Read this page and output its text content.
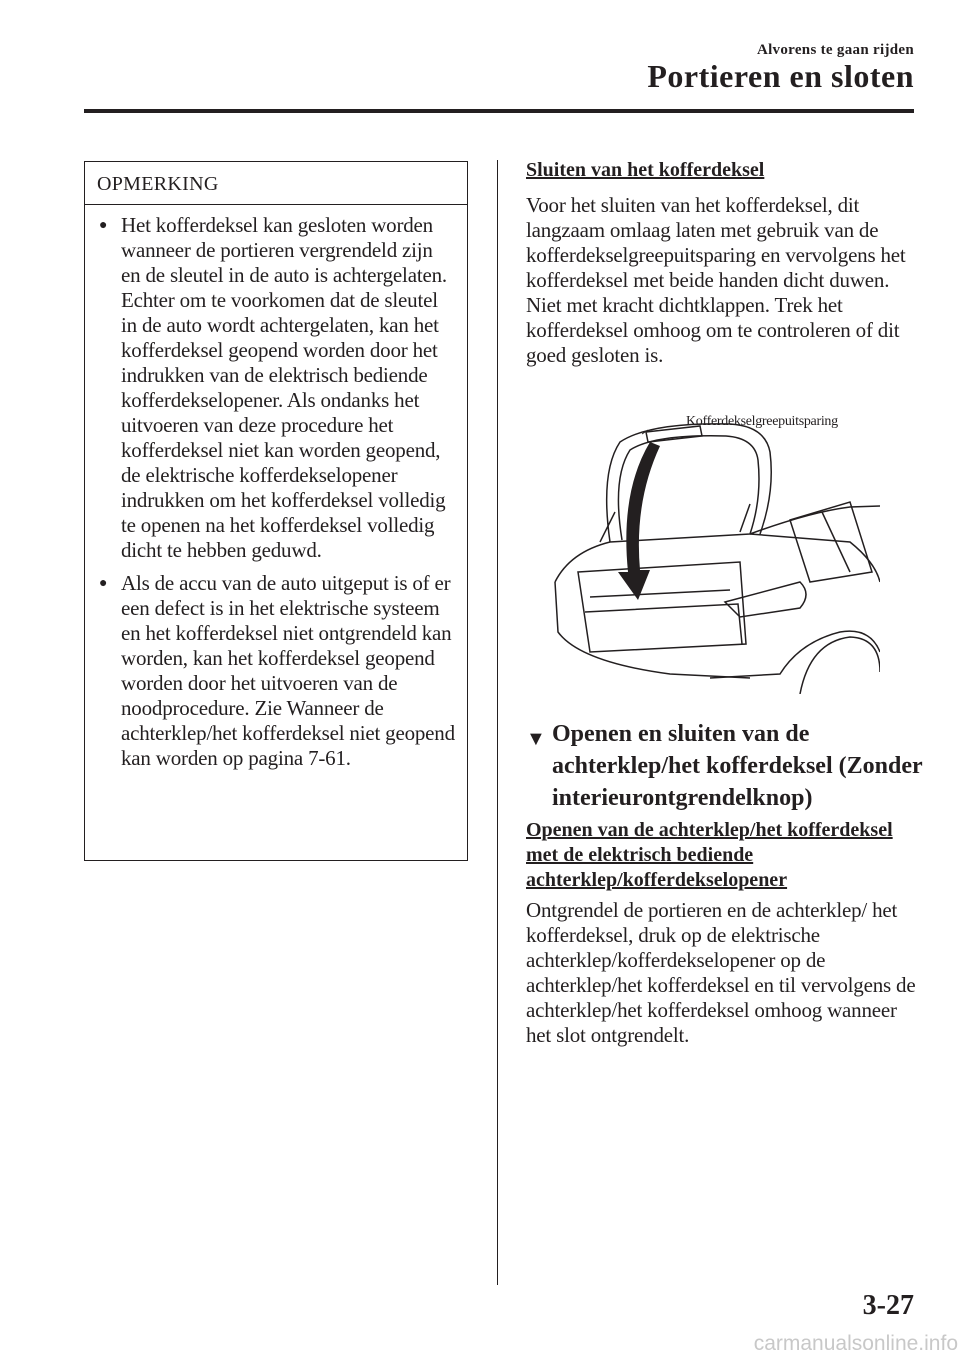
Alvorens te gaan rijden
Portieren en sloten
OPMERKING
● Het kofferdeksel kan gesloten worden wanneer de portieren vergrendeld zijn en de sleutel in de auto is achtergelaten. Echter om te voorkomen dat de sleutel in de auto wordt achtergelaten, kan het kofferdeksel geopend worden door het indrukken van de elektrisch bediende kofferdekselopener. Als ondanks het uitvoeren van deze procedure het kofferdeksel niet kan worden geopend, de elektrische kofferdekselopener indrukken om het kofferdeksel volledig te openen na het kofferdeksel volledig dicht te hebben geduwd.
● Als de accu van de auto uitgeput is of er een defect is in het elektrische systeem en het kofferdeksel niet ontgrendeld kan worden, kan het kofferdeksel geopend worden door het uitvoeren van de noodprocedure. Zie Wanneer de achterklep/het kofferdeksel niet geopend kan worden op pagina 7-61.
Sluiten van het kofferdeksel
Voor het sluiten van het kofferdeksel, dit langzaam omlaag laten met gebruik van de kofferdekselgreepuitsparing en vervolgens het kofferdeksel met beide handen dicht duwen.
Niet met kracht dichtklappen. Trek het kofferdeksel omhoog om te controleren of dit goed gesloten is.
Kofferdekselgreepuitsparing
▼ Openen en sluiten van de achterklep/het kofferdeksel (Zonder interieurontgrendelknop)
Openen van de achterklep/het kofferdeksel met de elektrisch bediende achterklep/kofferdekselopener
Ontgrendel de portieren en de achterklep/ het kofferdeksel, druk op de elektrische achterklep/kofferdekselopener op de achterklep/het kofferdeksel en til vervolgens de achterklep/het kofferdeksel omhoog wanneer het slot ontgrendelt.
3-27
carmanualsonline.info
